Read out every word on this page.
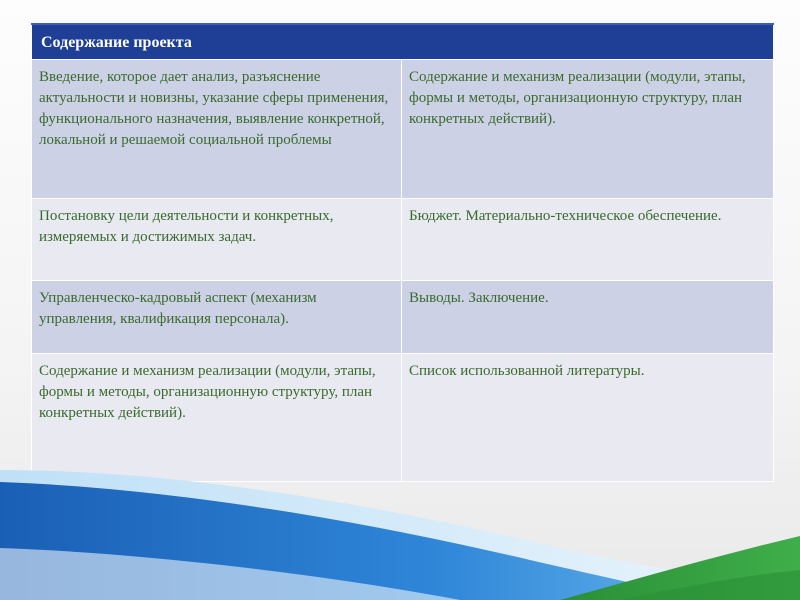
Содержание проекта	
Введение, которое дает анализ, разъяснение актуальности и новизны, указание сферы применения, функционального назначения, выявление конкретной, локальной и решаемой социальной проблемы	Содержание и механизм реализации (модули, этапы, формы и методы, организационную структуру, план конкретных действий).
Постановку цели деятельности и конкретных, измеряемых и достижимых задач.	Бюджет. Материально-техническое обеспечение.
Управленческо-кадровый аспект (механизм управления, квалификация персонала).	Выводы. Заключение.
Содержание и механизм реализации (модули, этапы, формы и методы, организационную структуру, план конкретных действий).	Список использованной литературы.
